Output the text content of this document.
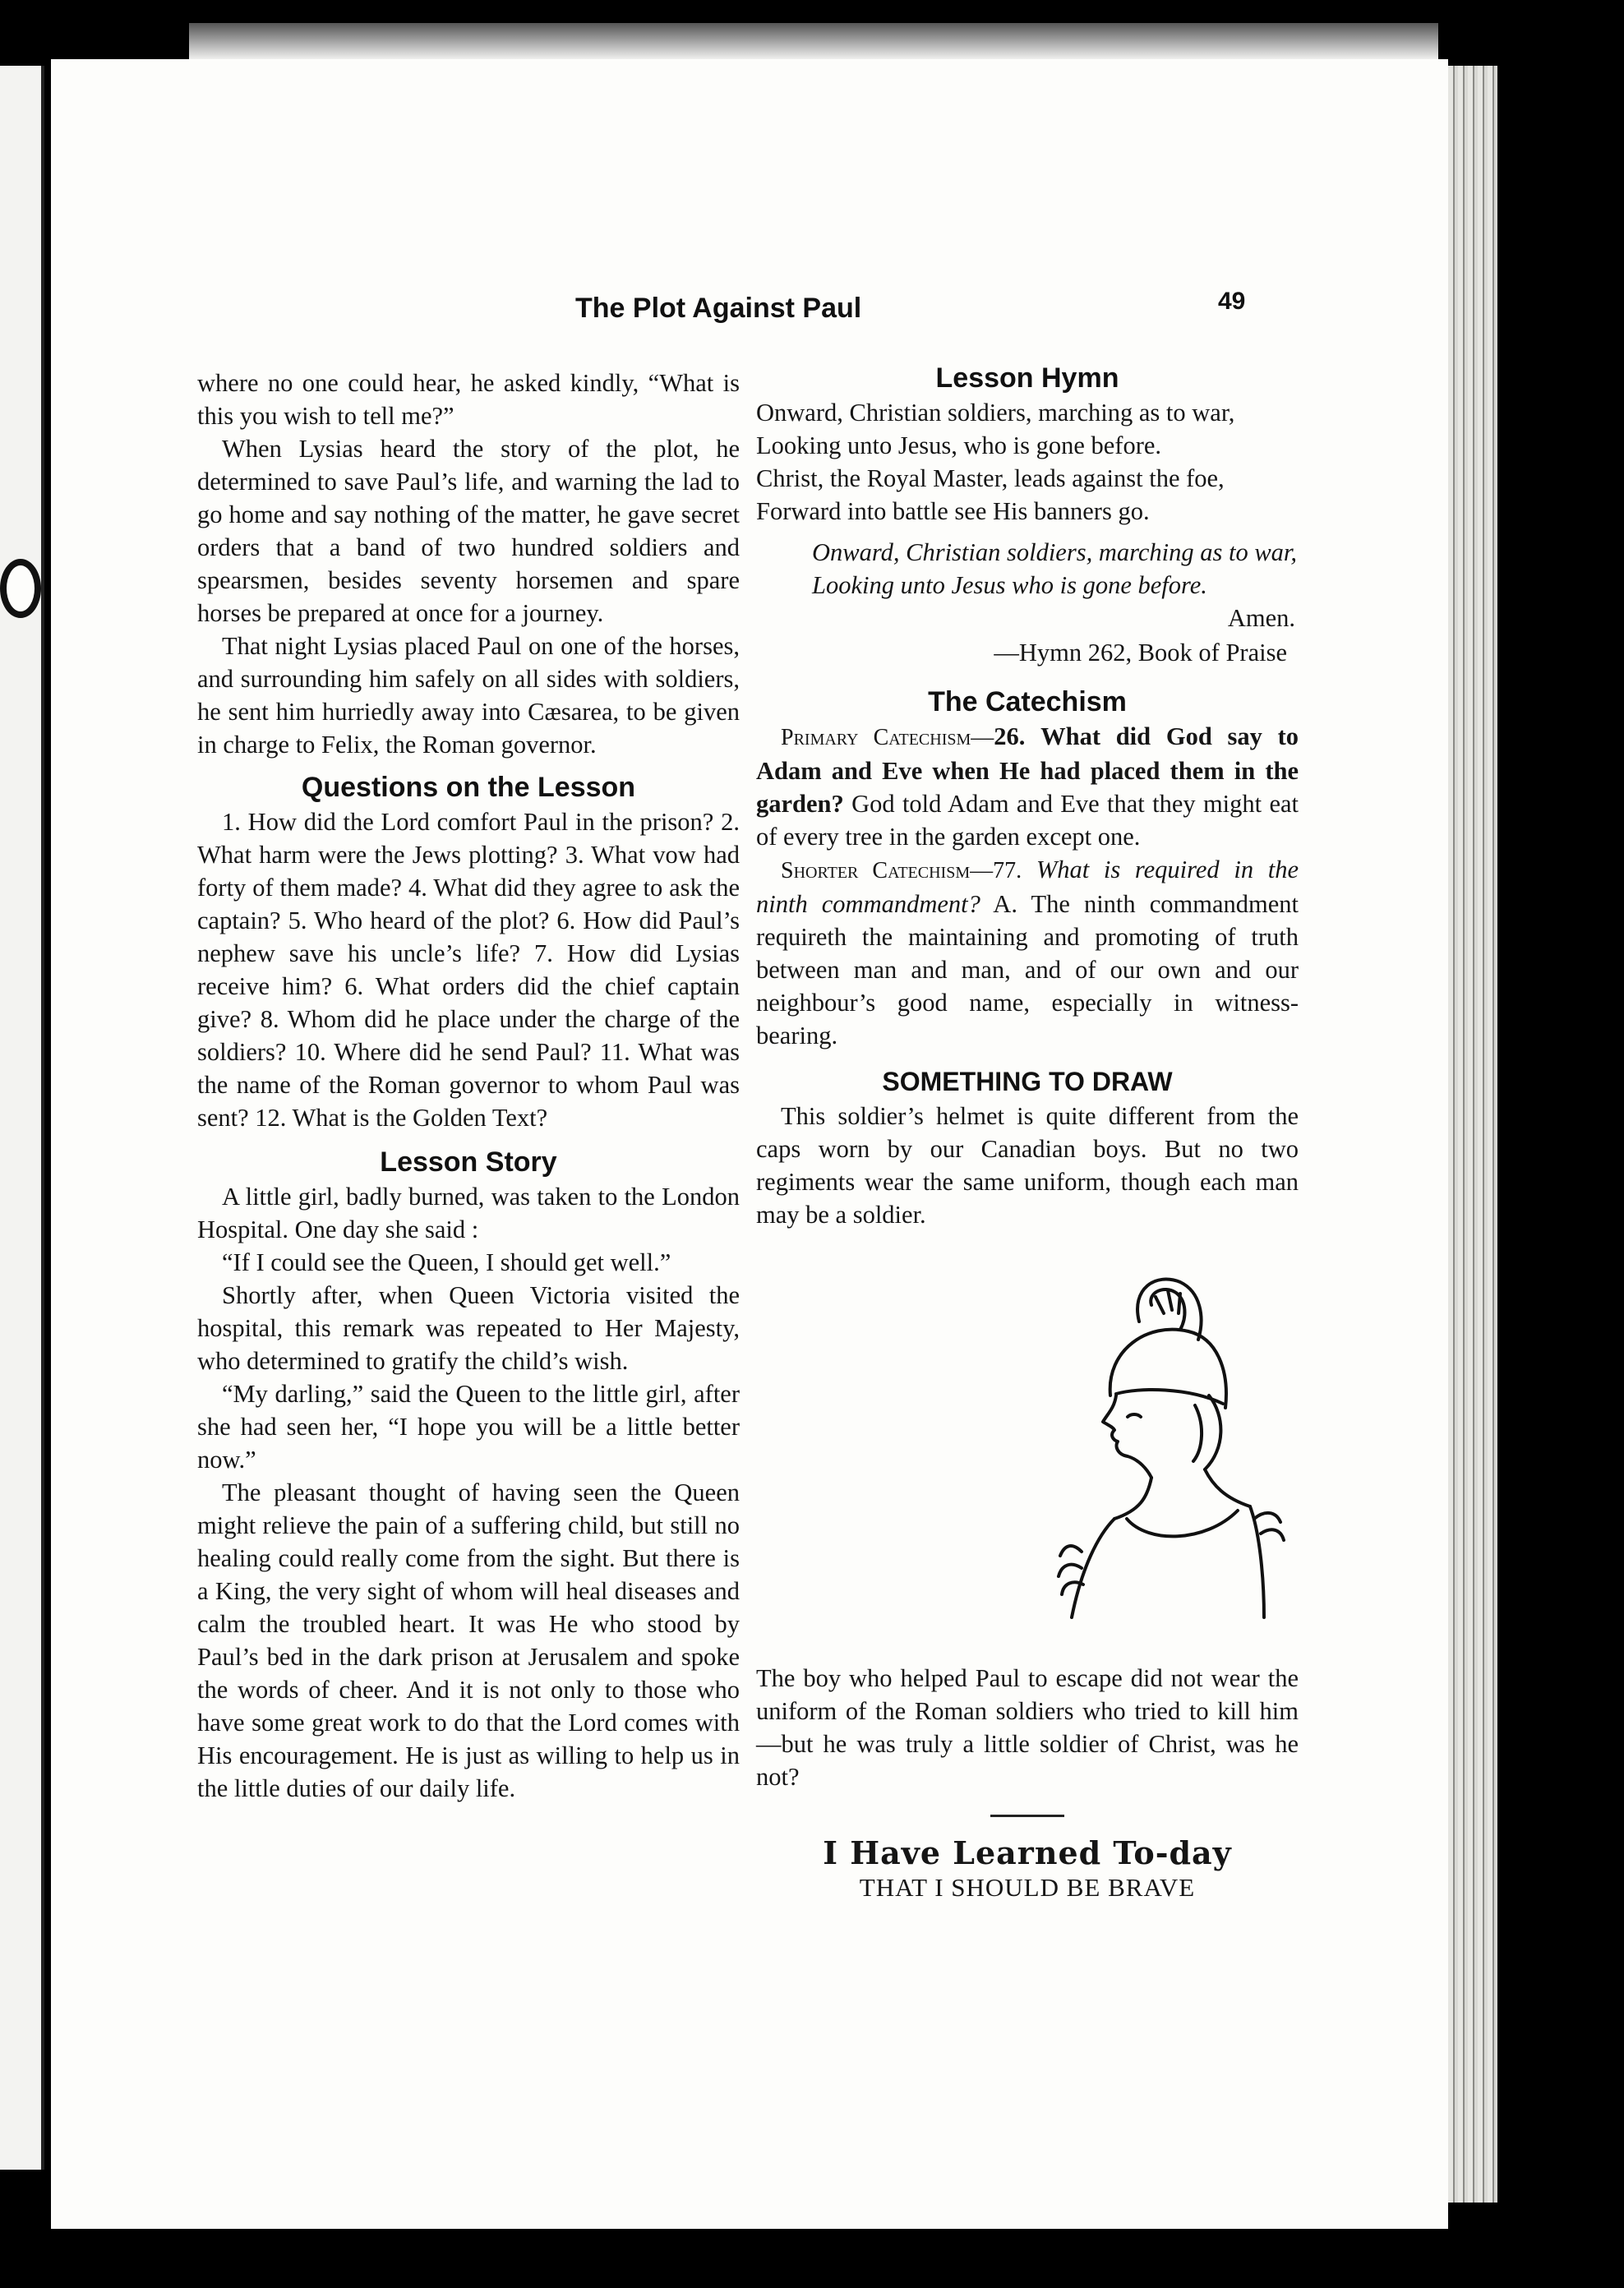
The Plot Against Paul	49

where no one could hear, he asked kindly, “What is this you wish to tell me?”

When Lysias heard the story of the plot, he determined to save Paul’s life, and warning the lad to go home and say nothing of the matter, he gave secret orders that a band of two hundred soldiers and spearsmen, besides seventy horsemen and spare horses be prepared at once for a journey.

That night Lysias placed Paul on one of the horses, and surrounding him safely on all sides with soldiers, he sent him hurriedly away into Cæsarea, to be given in charge to Felix, the Roman governor.

Questions on the Lesson

1. How did the Lord comfort Paul in the prison? 2. What harm were the Jews plotting? 3. What vow had forty of them made? 4. What did they agree to ask the captain? 5. Who heard of the plot? 6. How did Paul’s nephew save his uncle’s life? 7. How did Lysias receive him? 6. What orders did the chief captain give? 8. Whom did he place under the charge of the soldiers? 10. Where did he send Paul? 11. What was the name of the Roman governor to whom Paul was sent? 12. What is the Golden Text?

Lesson Story

A little girl, badly burned, was taken to the London Hospital. One day she said :

“If I could see the Queen, I should get well.”

Shortly after, when Queen Victoria visited the hospital, this remark was repeated to Her Majesty, who determined to gratify the child’s wish.

“My darling,” said the Queen to the little girl, after she had seen her, “I hope you will be a little better now.”

The pleasant thought of having seen the Queen might relieve the pain of a suffering child, but still no healing could really come from the sight. But there is a King, the very sight of whom will heal diseases and calm the troubled heart. It was He who stood by Paul’s bed in the dark prison at Jerusalem and spoke the words of cheer. And it is not only to those who have some great work to do that the Lord comes with His encouragement. He is just as willing to help us in the little duties of our daily life.

Lesson Hymn
Onward, Christian soldiers, marching as to war,
Looking unto Jesus, who is gone before.
Christ, the Royal Master, leads against the foe,
Forward into battle see His banners go.
Onward, Christian soldiers, marching as to war,
Looking unto Jesus who is gone before.
Amen.
—Hymn 262, Book of Praise
The Catechism

Primary Catechism—26. What did God say to Adam and Eve when He had placed them in the garden? God told Adam and Eve that they might eat of every tree in the garden except one.

Shorter Catechism—77. What is required in the ninth commandment? A. The ninth commandment requireth the maintaining and promoting of truth between man and man, and of our own and our neighbour’s good name, especially in witness-bearing.

SOMETHING TO DRAW

This soldier’s helmet is quite different from the caps worn by our Canadian boys. But no two regiments wear the same uniform, though each man may be a soldier.

The boy who helped Paul to escape did not wear the uniform of the Roman soldiers who tried to kill him—but he was truly a little soldier of Christ, was he not?

I Have Learned To-day
THAT I SHOULD BE BRAVE
